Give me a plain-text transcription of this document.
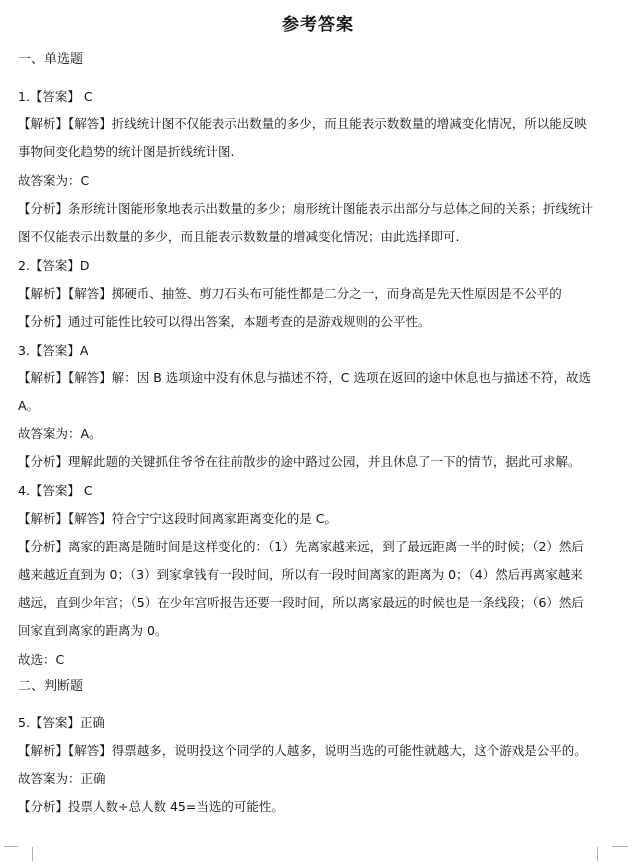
参考答案
一、单选题
1.【答案】 C
【解析】【解答】折线统计图不仅能表示出数量的多少，而且能表示数数量的增减变化情况，所以能反映
事物间变化趋势的统计图是折线统计图.
故答案为：C
【分析】条形统计图能形象地表示出数量的多少；扇形统计图能表示出部分与总体之间的关系；折线统计
图不仅能表示出数量的多少，而且能表示数数量的增减变化情况；由此选择即可.
2.【答案】D
【解析】【解答】掷硬币、抽签、剪刀石头布可能性都是二分之一，而身高是先天性原因是不公平的
【分析】通过可能性比较可以得出答案，本题考查的是游戏规则的公平性。
3.【答案】A
【解析】【解答】解：因 B 选项途中没有休息与描述不符，C 选项在返回的途中休息也与描述不符，故选
A。
故答案为：A。
【分析】理解此题的关键抓住爷爷在往前散步的途中路过公园，并且休息了一下的情节，据此可求解。
4.【答案】 C
【解析】【解答】符合宁宁这段时间离家距离变化的是 C。
【分析】离家的距离是随时间是这样变化的：（1）先离家越来远，到了最远距离一半的时候；（2）然后
越来越近直到为 0；（3）到家拿钱有一段时间，所以有一段时间离家的距离为 0；（4）然后再离家越来
越远，直到少年宫；（5）在少年宫听报告还要一段时间，所以离家最远的时候也是一条线段；（6）然后
回家直到离家的距离为 0。
故选：C
二、判断题
5.【答案】正确
【解析】【解答】得票越多，说明投这个同学的人越多，说明当选的可能性就越大，这个游戏是公平的。
故答案为：正确
【分析】投票人数÷总人数 45=当选的可能性。
